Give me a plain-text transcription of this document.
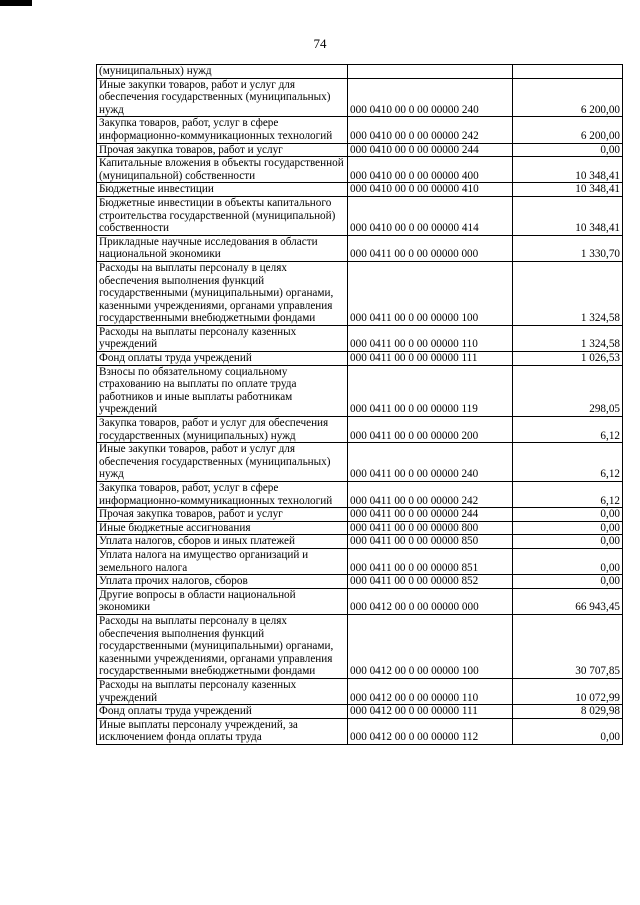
74
(муниципальных) нужд		
Иные закупки товаров, работ и услуг для обеспечения государственных (муниципальных) нужд	000 0410 00 0 00 00000 240	6 200,00
Закупка товаров, работ, услуг в сфере информационно-коммуникационных технологий	000 0410 00 0 00 00000 242	6 200,00
Прочая закупка товаров, работ и услуг	000 0410 00 0 00 00000 244	0,00
Капитальные вложения в объекты государственной (муниципальной) собственности	000 0410 00 0 00 00000 400	10 348,41
Бюджетные инвестиции	000 0410 00 0 00 00000 410	10 348,41
Бюджетные инвестиции в объекты капитального строительства государственной (муниципальной) собственности	000 0410 00 0 00 00000 414	10 348,41
Прикладные научные исследования в области национальной экономики	000 0411 00 0 00 00000 000	1 330,70
Расходы на выплаты персоналу в целях обеспечения выполнения функций государственными (муниципальными) органами, казенными учреждениями, органами управления государственными внебюджетными фондами	000 0411 00 0 00 00000 100	1 324,58
Расходы на выплаты персоналу казенных учреждений	000 0411 00 0 00 00000 110	1 324,58
Фонд оплаты труда учреждений	000 0411 00 0 00 00000 111	1 026,53
Взносы по обязательному социальному страхованию на выплаты по оплате труда работников и иные выплаты работникам учреждений	000 0411 00 0 00 00000 119	298,05
Закупка товаров, работ и услуг для обеспечения государственных (муниципальных) нужд	000 0411 00 0 00 00000 200	6,12
Иные закупки товаров, работ и услуг для обеспечения государственных (муниципальных) нужд	000 0411 00 0 00 00000 240	6,12
Закупка товаров, работ, услуг в сфере информационно-коммуникационных технологий	000 0411 00 0 00 00000 242	6,12
Прочая закупка товаров, работ и услуг	000 0411 00 0 00 00000 244	0,00
Иные бюджетные ассигнования	000 0411 00 0 00 00000 800	0,00
Уплата налогов, сборов и иных платежей	000 0411 00 0 00 00000 850	0,00
Уплата налога на имущество организаций и земельного налога	000 0411 00 0 00 00000 851	0,00
Уплата прочих налогов, сборов	000 0411 00 0 00 00000 852	0,00
Другие вопросы в области национальной экономики	000 0412 00 0 00 00000 000	66 943,45
Расходы на выплаты персоналу в целях обеспечения выполнения функций государственными (муниципальными) органами, казенными учреждениями, органами управления государственными внебюджетными фондами	000 0412 00 0 00 00000 100	30 707,85
Расходы на выплаты персоналу казенных учреждений	000 0412 00 0 00 00000 110	10 072,99
Фонд оплаты труда учреждений	000 0412 00 0 00 00000 111	8 029,98
Иные выплаты персоналу учреждений, за исключением фонда оплаты труда	000 0412 00 0 00 00000 112	0,00
